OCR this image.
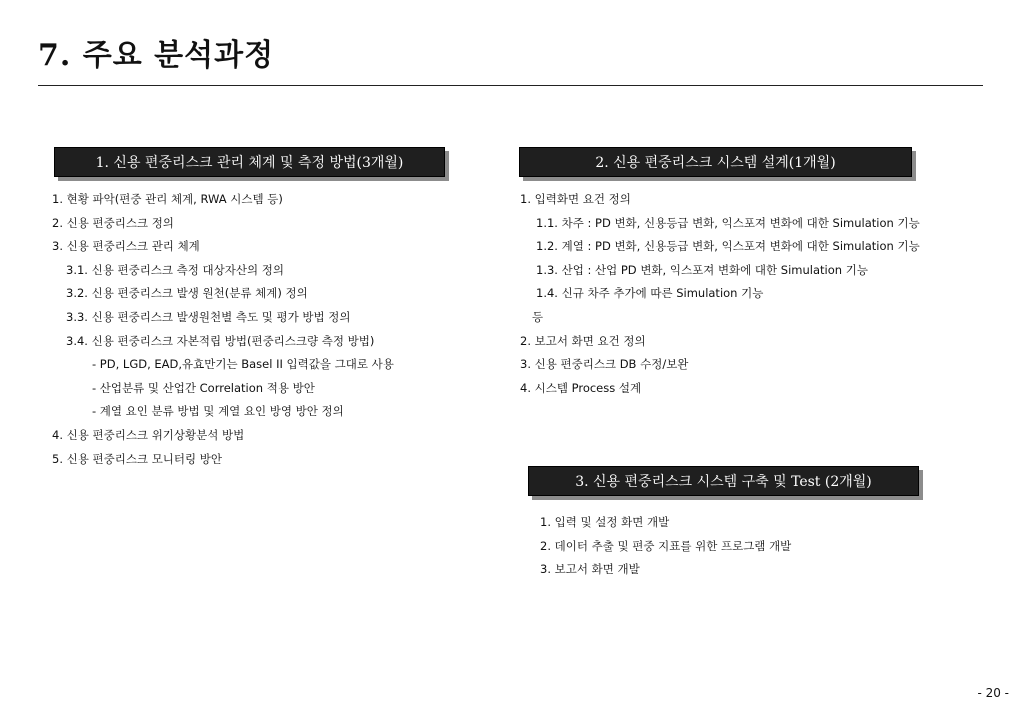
7. 주요 분석과정
1. 신용 편중리스크 관리 체계 및 측정 방법(3개월)
1. 현황 파악(편중 관리 체계, RWA 시스템 등)
2. 신용 편중리스크 정의
3. 신용 편중리스크 관리 체계
3.1. 신용 편중리스크 측정 대상자산의 정의
3.2. 신용 편중리스크 발생 원천(분류 체계) 정의
3.3. 신용 편중리스크 발생원천별 측도 및 평가 방법 정의
3.4. 신용 편중리스크 자본적립 방법(편중리스크량 측정 방법)
- PD, LGD, EAD,유효만기는 Basel II 입력값을 그대로 사용
- 산업분류 및 산업간 Correlation 적용 방안
- 계열 요인 분류 방법 및 계열 요인 방영 방안 정의
4. 신용 편중리스크 위기상황분석 방법
5. 신용 편중리스크 모니터링 방안
2. 신용 편중리스크 시스템 설계(1개월)
1. 입력화면 요건 정의
1.1. 차주 : PD 변화, 신용등급 변화, 익스포져 변화에 대한 Simulation 기능
1.2. 계열 : PD 변화, 신용등급 변화, 익스포져 변화에 대한 Simulation 기능
1.3. 산업 : 산업 PD 변화, 익스포져 변화에 대한 Simulation 기능
1.4. 신규 차주 추가에 따른 Simulation 기능
등
2. 보고서 화면 요건 정의
3. 신용 편중리스크 DB 수정/보완
4. 시스템 Process 설계
3. 신용 편중리스크 시스템 구축 및 Test (2개월)
1. 입력 및 설정 화면 개발
2. 데이터 추출 및 편중 지표를 위한 프로그램 개발
3. 보고서 화면 개발
- 20 -
